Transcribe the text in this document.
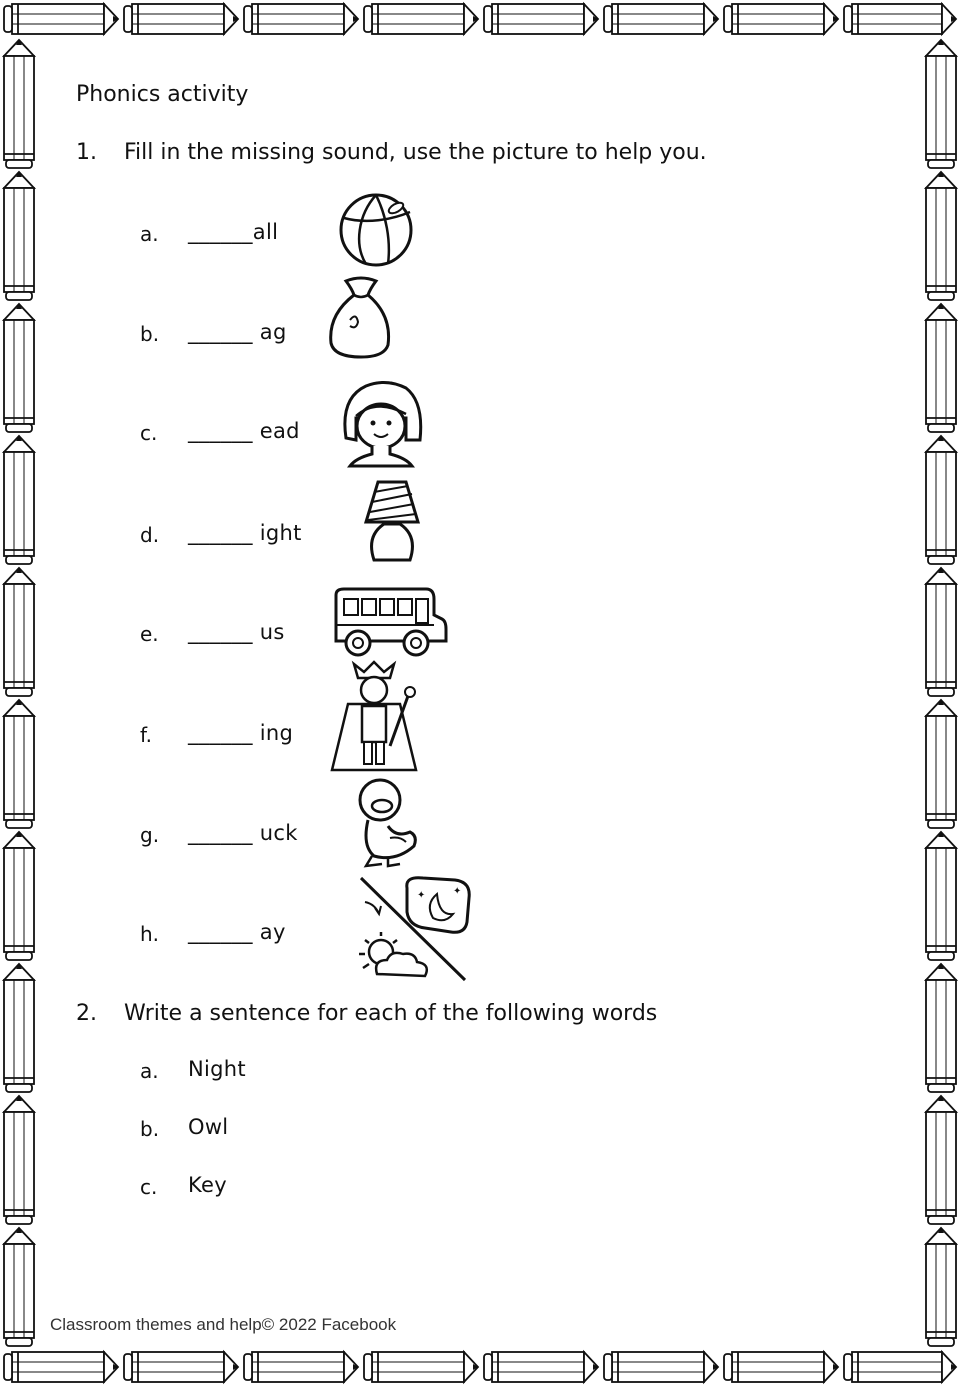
Phonics activity
1. Fill in the missing sound, use the picture to help you.
a. ______all
b. ______ ag
c. ______ ead
d. ______ ight
e. ______ us
f. ______ ing
g. ______ uck
h. ______ ay
✦	✦
2. Write a sentence for each of the following words
a. Night
b. Owl
c. Key
Classroom themes and help© 2022 Facebook
